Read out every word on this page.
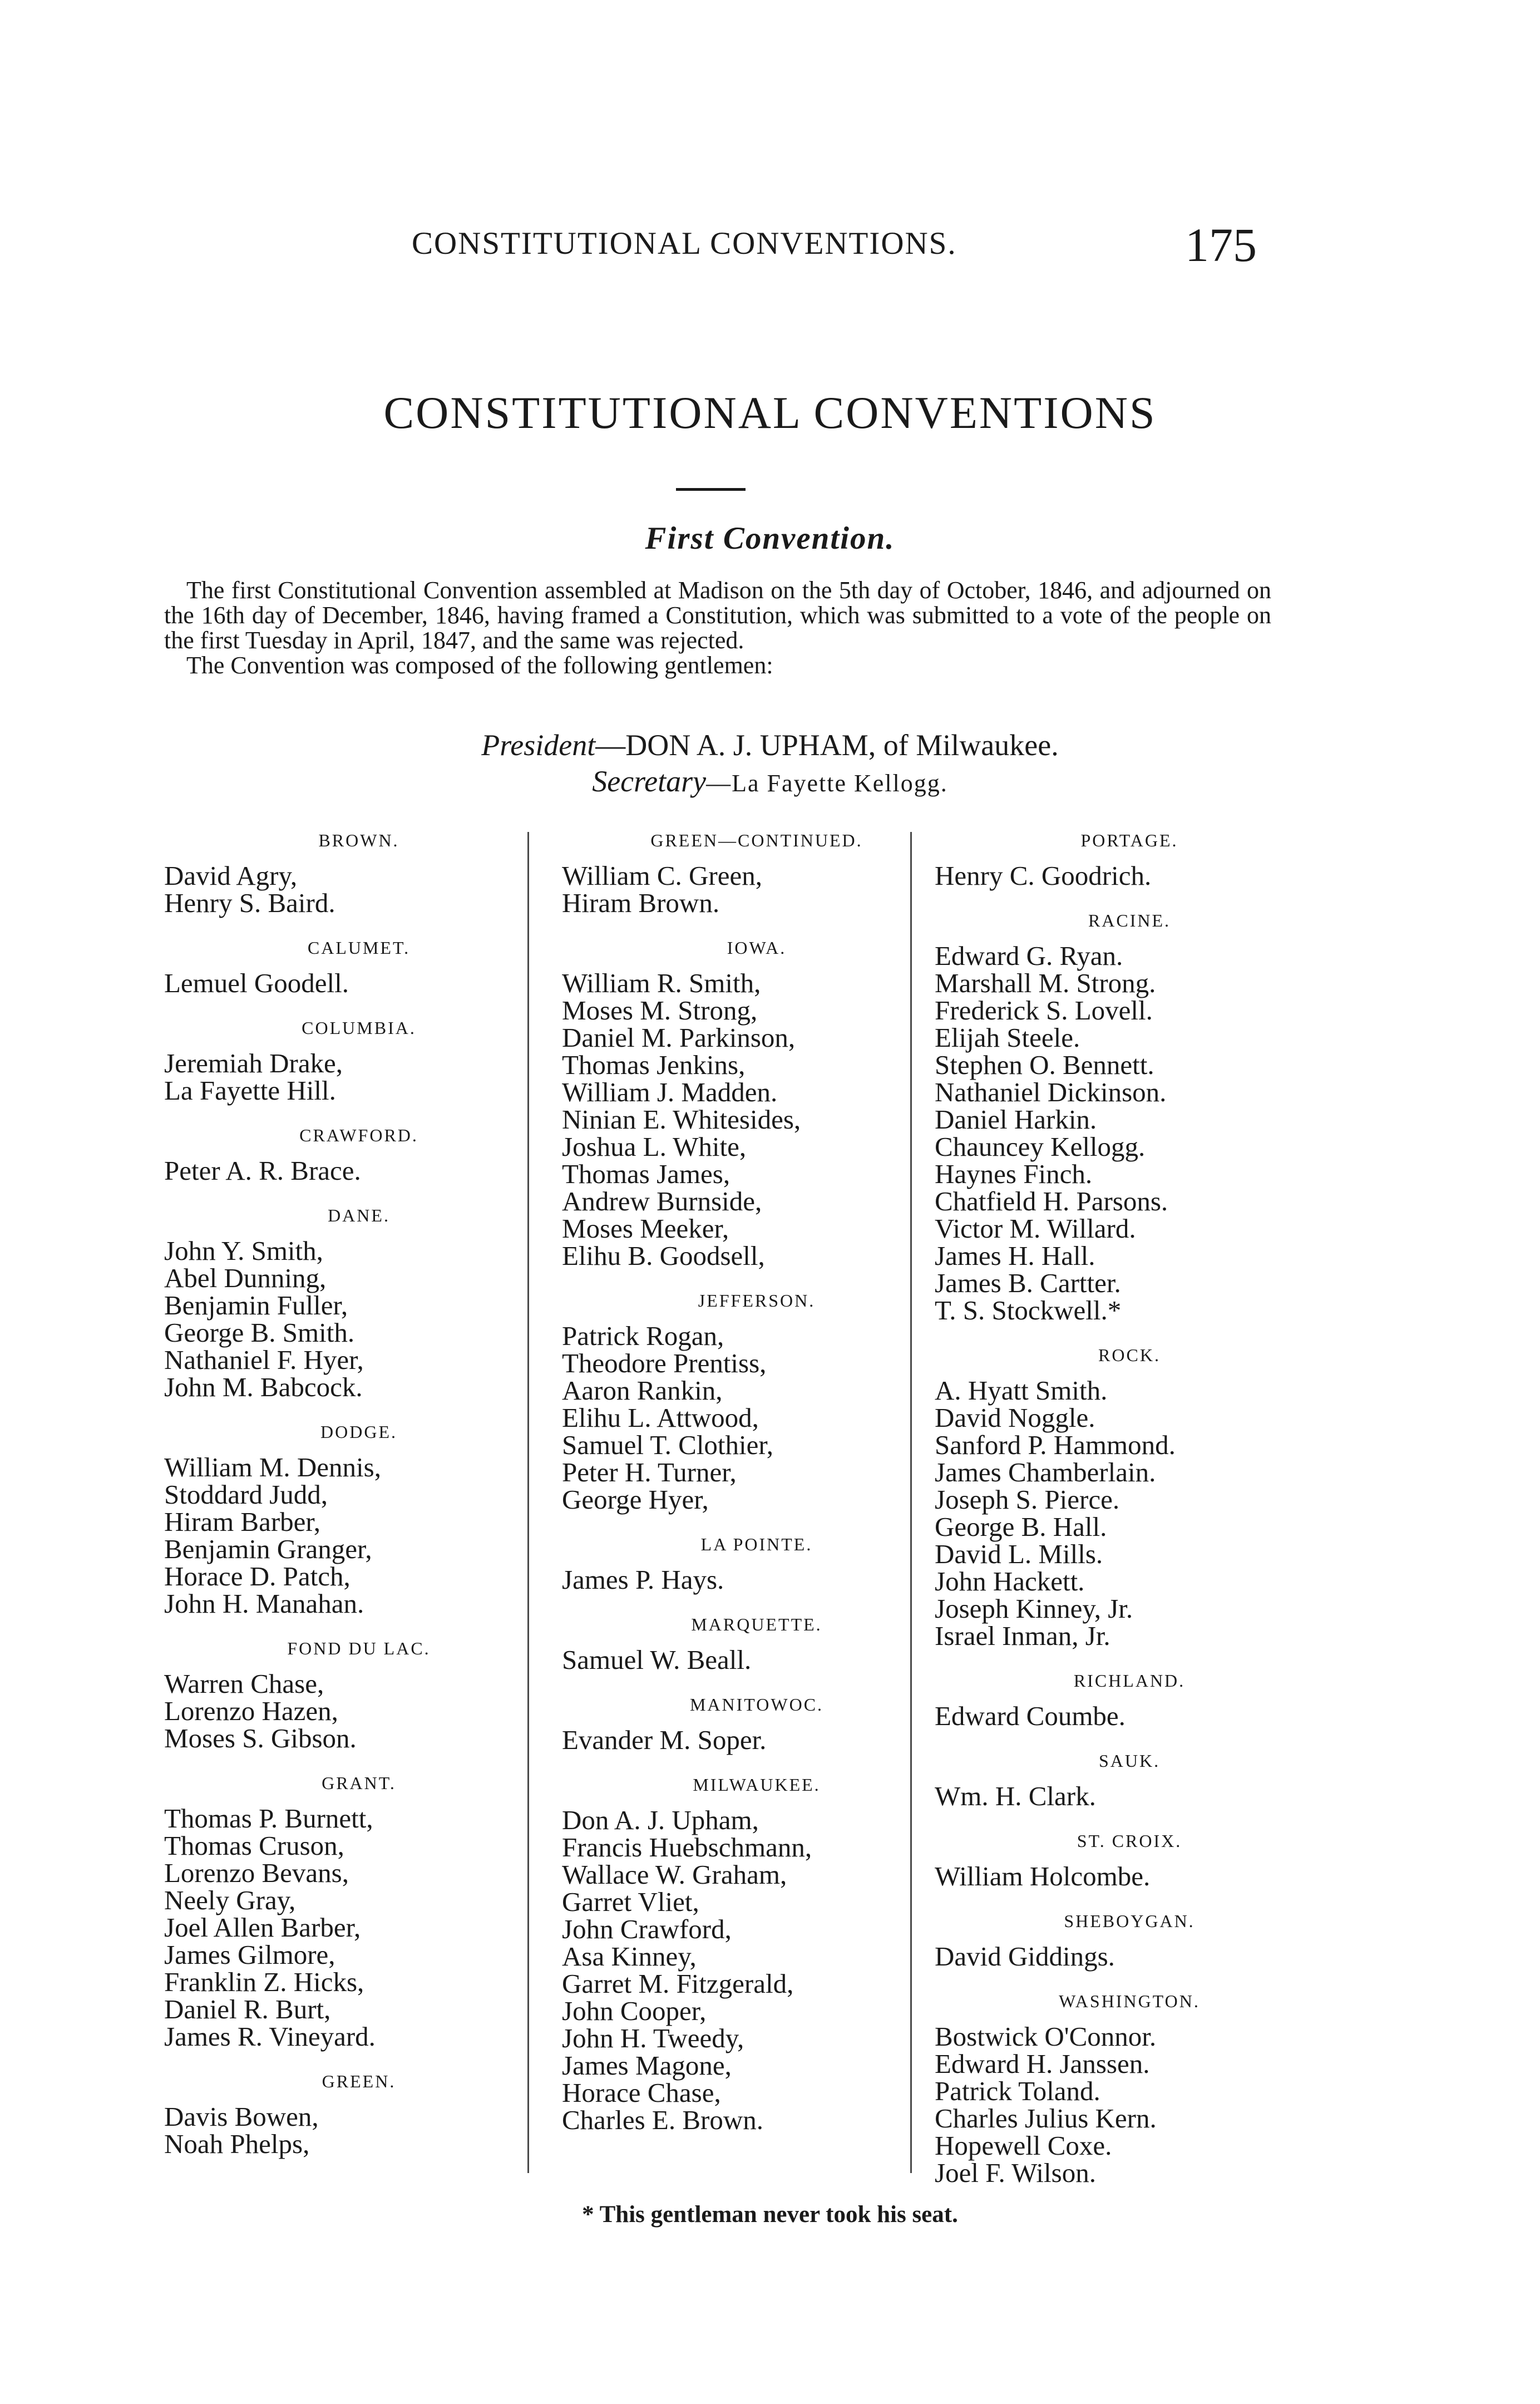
CONSTITUTIONAL CONVENTIONS.	175
CONSTITUTIONAL CONVENTIONS
First Convention.

The first Constitutional Convention assembled at Madison on the 5th day of October, 1846, and adjourned on the 16th day of December, 1846, having framed a Constitution, which was submitted to a vote of the people on the first Tuesday in April, 1847, and the same was rejected.

The Convention was composed of the following gentlemen:

President—DON A. J. UPHAM, of Milwaukee.
Secretary—La Fayette Kellogg.
BROWN.
David Agry,
Henry S. Baird.
CALUMET.
Lemuel Goodell.
COLUMBIA.
Jeremiah Drake,
La Fayette Hill.
CRAWFORD.
Peter A. R. Brace.
DANE.
John Y. Smith,
Abel Dunning,
Benjamin Fuller,
George B. Smith.
Nathaniel F. Hyer,
John M. Babcock.
DODGE.
William M. Dennis,
Stoddard Judd,
Hiram Barber,
Benjamin Granger,
Horace D. Patch,
John H. Manahan.
FOND DU LAC.
Warren Chase,
Lorenzo Hazen,
Moses S. Gibson.
GRANT.
Thomas P. Burnett,
Thomas Cruson,
Lorenzo Bevans,
Neely Gray,
Joel Allen Barber,
James Gilmore,
Franklin Z. Hicks,
Daniel R. Burt,
James R. Vineyard.
GREEN.
Davis Bowen,
Noah Phelps,
GREEN—CONTINUED.
William C. Green,
Hiram Brown.
IOWA.
William R. Smith,
Moses M. Strong,
Daniel M. Parkinson,
Thomas Jenkins,
William J. Madden.
Ninian E. Whitesides,
Joshua L. White,
Thomas James,
Andrew Burnside,
Moses Meeker,
Elihu B. Goodsell,
JEFFERSON.
Patrick Rogan,
Theodore Prentiss,
Aaron Rankin,
Elihu L. Attwood,
Samuel T. Clothier,
Peter H. Turner,
George Hyer,
LA POINTE.
James P. Hays.
MARQUETTE.
Samuel W. Beall.
MANITOWOC.
Evander M. Soper.
MILWAUKEE.
Don A. J. Upham,
Francis Huebschmann,
Wallace W. Graham,
Garret Vliet,
John Crawford,
Asa Kinney,
Garret M. Fitzgerald,
John Cooper,
John H. Tweedy,
James Magone,
Horace Chase,
Charles E. Brown.
PORTAGE.
Henry C. Goodrich.
RACINE.
Edward G. Ryan.
Marshall M. Strong.
Frederick S. Lovell.
Elijah Steele.
Stephen O. Bennett.
Nathaniel Dickinson.
Daniel Harkin.
Chauncey Kellogg.
Haynes Finch.
Chatfield H. Parsons.
Victor M. Willard.
James H. Hall.
James B. Cartter.
T. S. Stockwell.*
ROCK.
A. Hyatt Smith.
David Noggle.
Sanford P. Hammond.
James Chamberlain.
Joseph S. Pierce.
George B. Hall.
David L. Mills.
John Hackett.
Joseph Kinney, Jr.
Israel Inman, Jr.
RICHLAND.
Edward Coumbe.
SAUK.
Wm. H. Clark.
ST. CROIX.
William Holcombe.
SHEBOYGAN.
David Giddings.
WASHINGTON.
Bostwick O'Connor.
Edward H. Janssen.
Patrick Toland.
Charles Julius Kern.
Hopewell Coxe.
Joel F. Wilson.
* This gentleman never took his seat.
